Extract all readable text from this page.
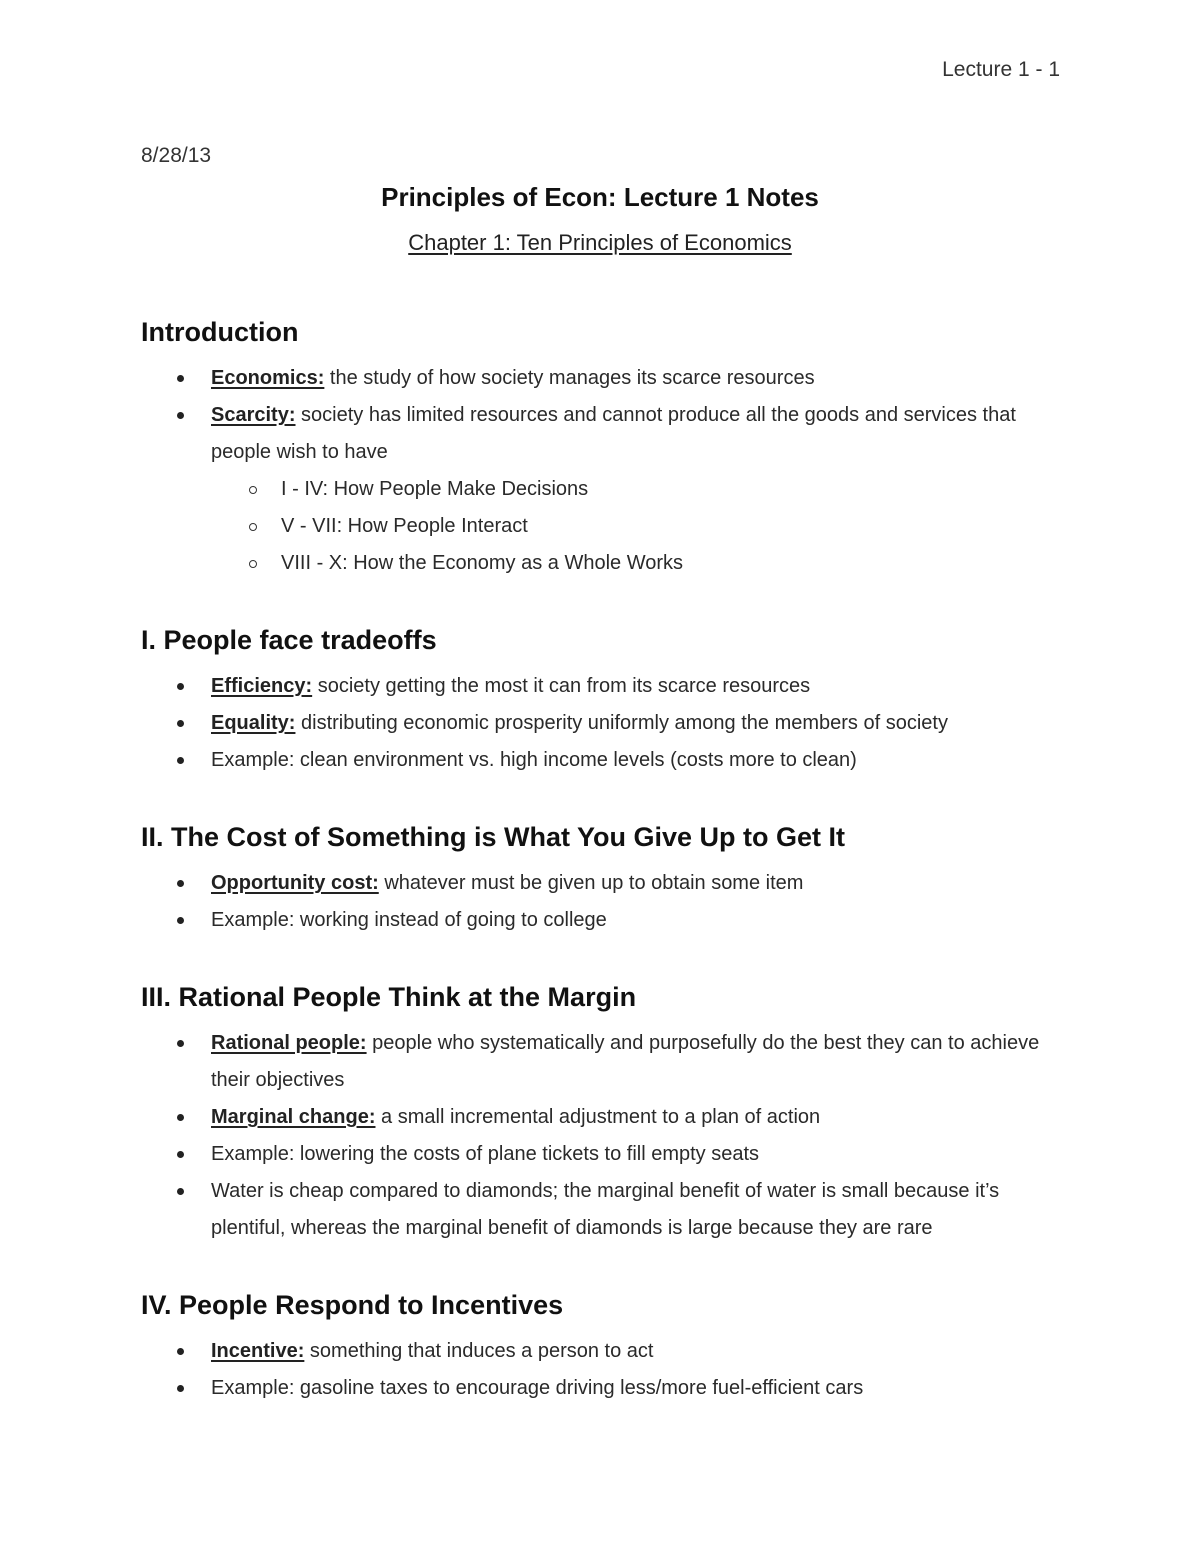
Lecture 1 - 1
8/28/13
Principles of Econ: Lecture 1 Notes
Chapter 1: Ten Principles of Economics
Introduction
Economics: the study of how society manages its scarce resources
Scarcity: society has limited resources and cannot produce all the goods and services that people wish to have
I - IV: How People Make Decisions
V - VII: How People Interact
VIII - X: How the Economy as a Whole Works
I. People face tradeoffs
Efficiency: society getting the most it can from its scarce resources
Equality: distributing economic prosperity uniformly among the members of society
Example: clean environment vs. high income levels (costs more to clean)
II. The Cost of Something is What You Give Up to Get It
Opportunity cost: whatever must be given up to obtain some item
Example: working instead of going to college
III. Rational People Think at the Margin
Rational people: people who systematically and purposefully do the best they can to achieve their objectives
Marginal change: a small incremental adjustment to a plan of action
Example: lowering the costs of plane tickets to fill empty seats
Water is cheap compared to diamonds; the marginal benefit of water is small because it’s plentiful, whereas the marginal benefit of diamonds is large because they are rare
IV. People Respond to Incentives
Incentive: something that induces a person to act
Example: gasoline taxes to encourage driving less/more fuel-efficient cars
